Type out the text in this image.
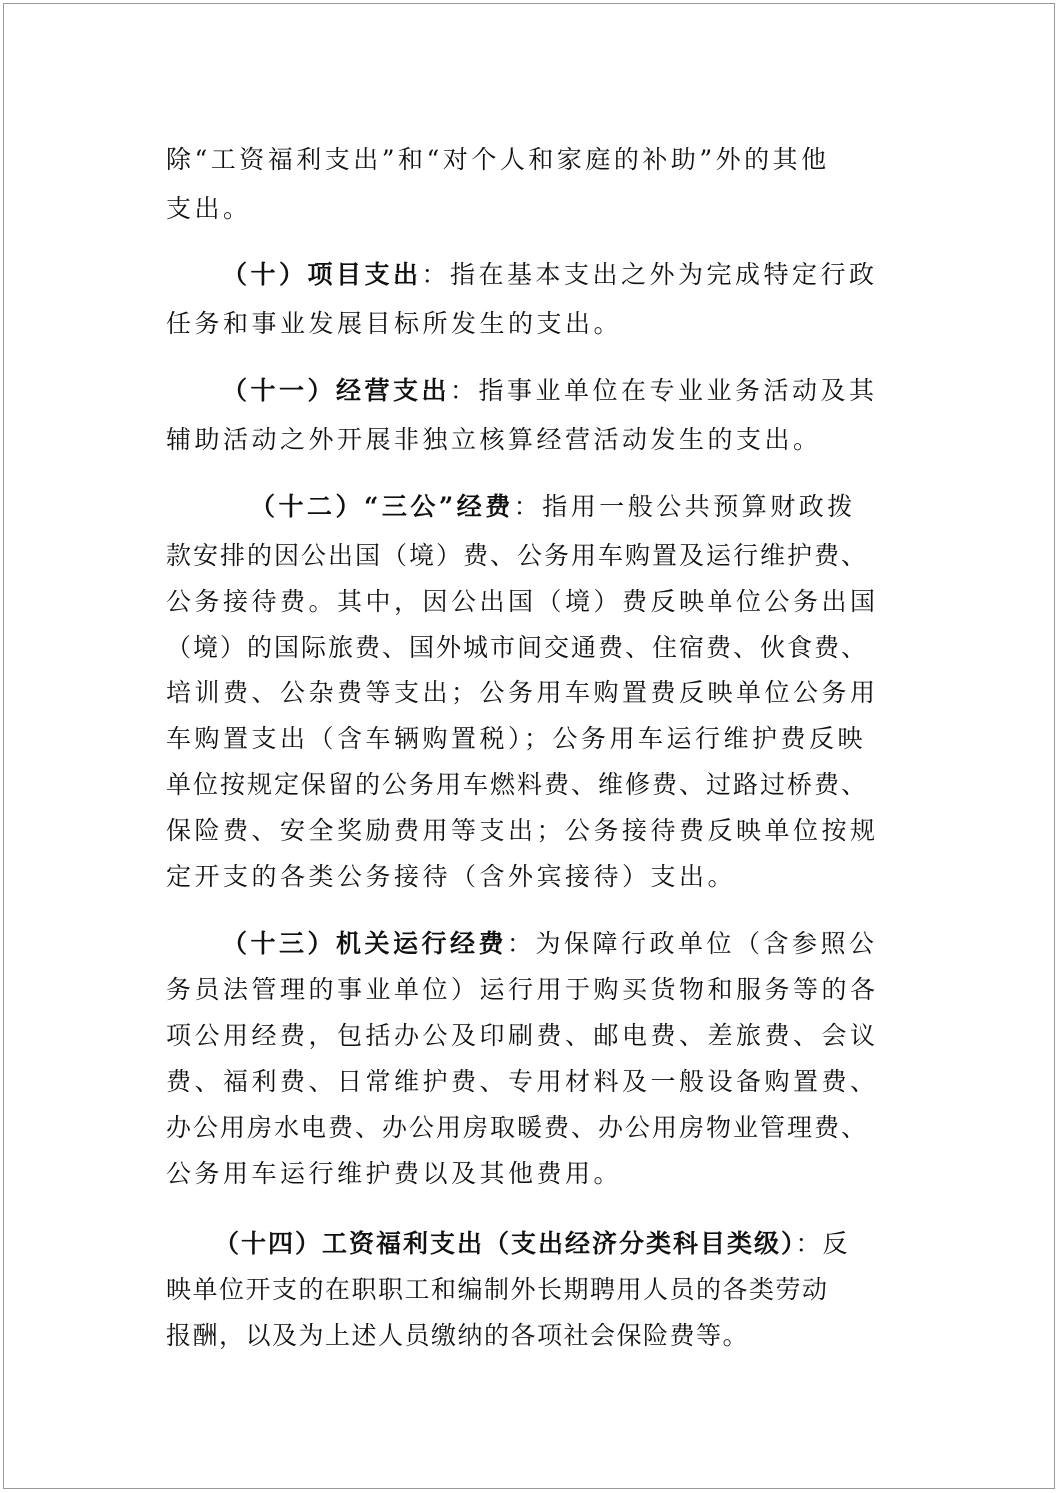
除“工资福利支出”和“对个人和家庭的补助”外的其他
支出。
（十）项目支出：指在基本支出之外为完成特定行政
任务和事业发展目标所发生的支出。
（十一）经营支出：指事业单位在专业业务活动及其
辅助活动之外开展非独立核算经营活动发生的支出。
（十二）“三公”经费：指用一般公共预算财政拨
款安排的因公出国（境）费、公务用车购置及运行维护费、
公务接待费。其中，因公出国（境）费反映单位公务出国
（境）的国际旅费、国外城市间交通费、住宿费、伙食费、
培训费、公杂费等支出；公务用车购置费反映单位公务用
车购置支出（含车辆购置税）；公务用车运行维护费反映
单位按规定保留的公务用车燃料费、维修费、过路过桥费、
保险费、安全奖励费用等支出；公务接待费反映单位按规
定开支的各类公务接待（含外宾接待）支出。
（十三）机关运行经费：为保障行政单位（含参照公
务员法管理的事业单位）运行用于购买货物和服务等的各
项公用经费，包括办公及印刷费、邮电费、差旅费、会议
费、福利费、日常维护费、专用材料及一般设备购置费、
办公用房水电费、办公用房取暖费、办公用房物业管理费、
公务用车运行维护费以及其他费用。
（十四）工资福利支出（支出经济分类科目类级）：反
映单位开支的在职职工和编制外长期聘用人员的各类劳动
报酬，以及为上述人员缴纳的各项社会保险费等。
